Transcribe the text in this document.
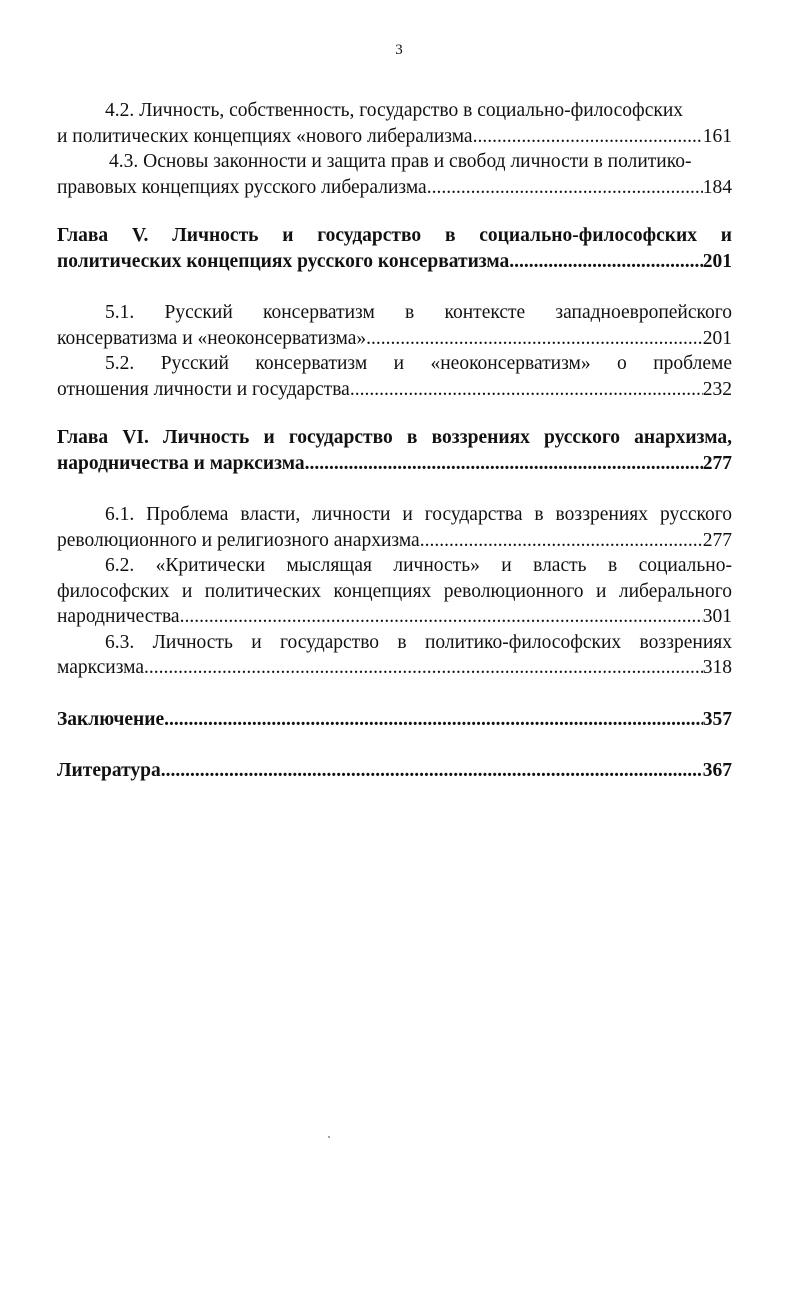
3
4.2. Личность, собственность, государство в социально-философских
и политических концепциях «нового либерализма .....	161
4.3. Основы законности и защита прав и свобод личности в политико-
правовых концепциях русского либерализма .....	184
Глава V. Личность и государство в социально-философских и
политических концепциях русского консерватизма .....	201
5.1. Русский консерватизм в контексте западноевропейского
консерватизма и «неоконсерватизма» .....	201
5.2. Русский консерватизм и «неоконсерватизм» о проблеме
отношения личности и государства .....	232
Глава VI. Личность и государство в воззрениях русского анархизма,
народничества и марксизма .....	277
6.1. Проблема власти, личности и государства в воззрениях русского
революционного и религиозного анархизма .....	277
6.2. «Критически мыслящая личность» и власть в социально-
философских и политических концепциях революционного и либерального
народничества .....	301
6.3. Личность и государство в политико-философских воззрениях
марксизма .....	318
Заключение .....	357
Литература .....	367
